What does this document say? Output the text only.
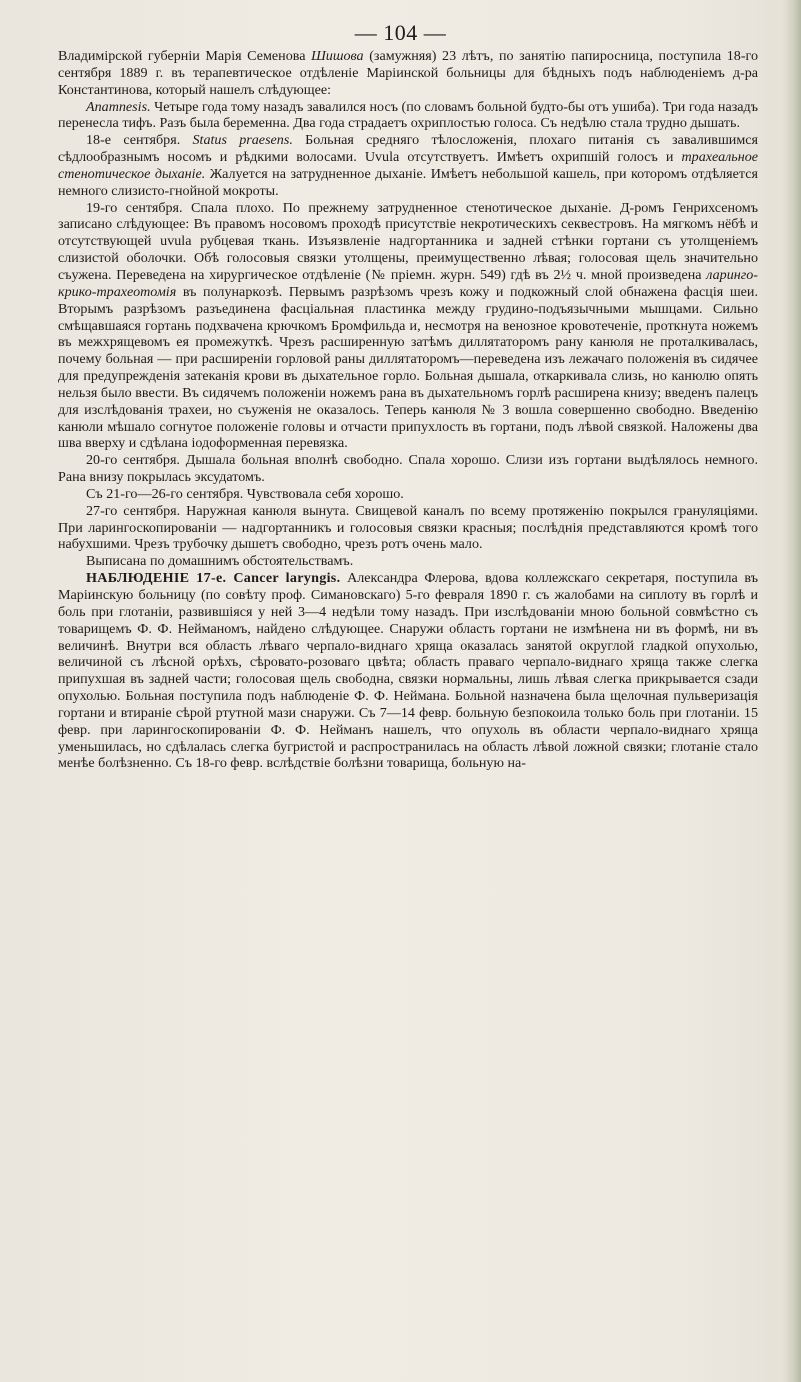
— 104 —

Владимірской губерніи Марія Семенова Шишова (замужняя) 23 лѣтъ, по занятію папиросница, поступила 18-го сентября 1889 г. въ терапевтическое отдѣленіе Маріинской больницы для бѣдныхъ подъ наблюденіемъ д-ра Константинова, который нашелъ слѣдующее:

Anamnesis. Четыре года тому назадъ завалился носъ (по словамъ больной будто-бы отъ ушиба). Три года назадъ перенесла тифъ. Разъ была беременна. Два года страдаетъ охриплостью голоса. Съ недѣлю стала трудно дышать.

18-е сентября. Status praesens. Больная средняго тѣлосложенія, плохаго питанія съ завалившимся сѣдлообразнымъ носомъ и рѣдкими волосами. Uvula отсутствуетъ. Имѣетъ охрипшій голосъ и трахеальное стенотическое дыханіе. Жалуется на затрудненное дыханіе. Имѣетъ небольшой кашель, при которомъ отдѣляется немного слизисто-гнойной мокроты.

19-го сентября. Спала плохо. По прежнему затрудненное стенотическое дыханіе. Д-ромъ Генрихсеномъ записано слѣдующее: Въ правомъ носовомъ проходѣ присутствіе некротическихъ секвестровъ. На мягкомъ нёбѣ и отсутствующей uvula рубцевая ткань. Изъязвленіе надгортанника и задней стѣнки гортани съ утолщеніемъ слизистой оболочки. Обѣ голосовыя связки утолщены, преимущественно лѣвая; голосовая щель значительно съужена. Переведена на хирургическое отдѣленіе (№ пріемн. журн. 549) гдѣ въ 2½ ч. мной произведена ларинго-крико-трахеотомія въ полунаркозѣ. Первымъ разрѣзомъ чрезъ кожу и подкожный слой обнажена фасція шеи. Вторымъ разрѣзомъ разъединена фасціальная пластинка между грудино-подъязычными мышцами. Сильно смѣщавшаяся гортань подхвачена крючкомъ Бромфильда и, несмотря на венозное кровотеченіе, проткнута ножемъ въ межхрящевомъ ея промежуткѣ. Чрезъ расширенную затѣмъ диллятаторомъ рану канюля не проталкивалась, почему больная — при расширеніи горловой раны диллятаторомъ—переведена изъ лежачаго положенія въ сидячее для предупрежденія затеканія крови въ дыхательное горло. Больная дышала, откаркивала слизь, но канюлю опять нельзя было ввести. Въ сидячемъ положеніи ножемъ рана въ дыхательномъ горлѣ расширена книзу; введенъ палецъ для изслѣдованія трахеи, но съуженія не оказалось. Теперь канюля № 3 вошла совершенно свободно. Введенію канюли мѣшало согнутое положеніе головы и отчасти припухлость въ гортани, подъ лѣвой связкой. Наложены два шва вверху и сдѣлана іодоформенная перевязка.

20-го сентября. Дышала больная вполнѣ свободно. Спала хорошо. Слизи изъ гортани выдѣлялось немного. Рана внизу покрылась эксудатомъ.

Съ 21-го—26-го сентября. Чувствовала себя хорошо.

27-го сентября. Наружная канюля вынута. Свищевой каналъ по всему протяженію покрылся грануляціями. При ларингоскопированіи — надгортанникъ и голосовыя связки красныя; послѣднія представляются кромѣ того набухшими. Чрезъ трубочку дышетъ свободно, чрезъ ротъ очень мало.

Выписана по домашнимъ обстоятельствамъ.

НАБЛЮДЕНІЕ 17-е. Cancer laryngis. Александра Флерова, вдова коллежскаго секретаря, поступила въ Маріинскую больницу (по совѣту проф. Симановскаго) 5-го февраля 1890 г. съ жалобами на сиплоту въ горлѣ и боль при глотаніи, развившіяся у ней 3—4 недѣли тому назадъ. При изслѣдованіи мною больной совмѣстно съ товарищемъ Ф. Ф. Нейманомъ, найдено слѣдующее. Снаружи область гортани не измѣнена ни въ формѣ, ни въ величинѣ. Внутри вся область лѣваго черпало-виднаго хряща оказалась занятой округлой гладкой опухолью, величиной съ лѣсной орѣхъ, сѣровато-розоваго цвѣта; область праваго черпало-виднаго хряща также слегка припухшая въ задней части; голосовая щель свободна, связки нормальны, лишь лѣвая слегка прикрывается сзади опухолью. Больная поступила подъ наблюденіе Ф. Ф. Неймана. Больной назначена была щелочная пульверизація гортани и втираніе сѣрой ртутной мази снаружи. Съ 7—14 февр. больную безпокоила только боль при глотаніи. 15 февр. при ларингоскопированіи Ф. Ф. Нейманъ нашелъ, что опухоль въ области черпало-виднаго хряща уменьшилась, но сдѣлалась слегка бугристой и распространилась на область лѣвой ложной связки; глотаніе стало менѣе болѣзненно. Съ 18-го февр. вслѣдствіе болѣзни товарища, больную на-
